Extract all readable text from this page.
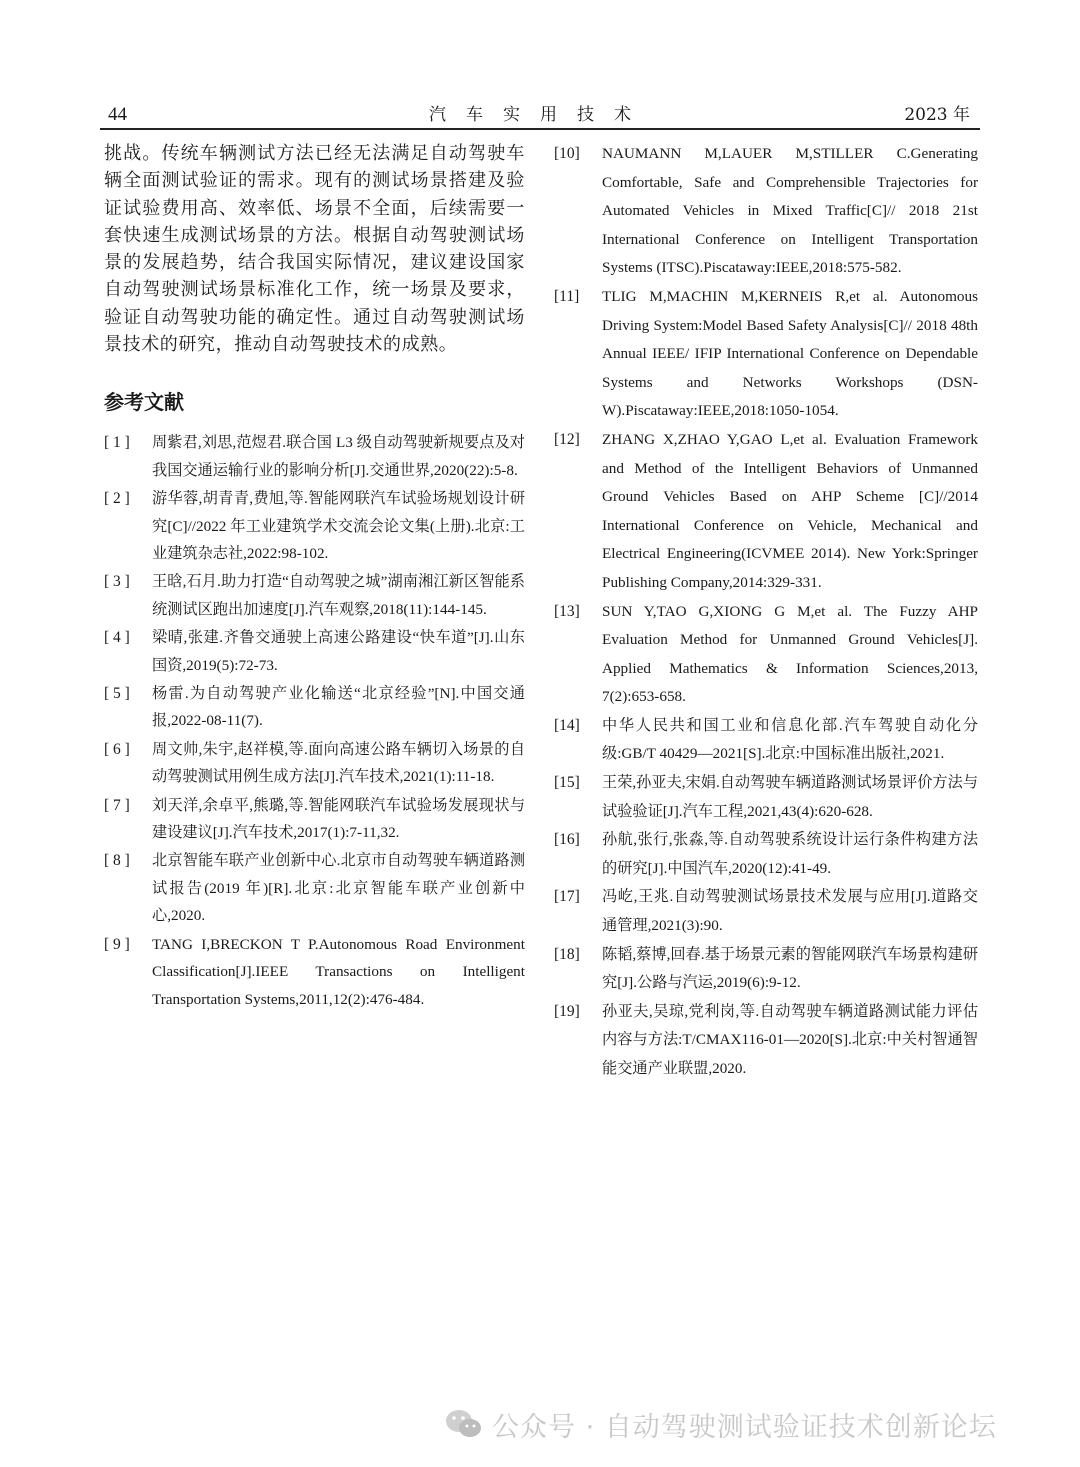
44	汽车实用技术	2023 年

挑战。传统车辆测试方法已经无法满足自动驾驶车辆全面测试验证的需求。现有的测试场景搭建及验证试验费用高、效率低、场景不全面，后续需要一套快速生成测试场景的方法。根据自动驾驶测试场景的发展趋势，结合我国实际情况，建议建设国家自动驾驶测试场景标准化工作，统一场景及要求，验证自动驾驶功能的确定性。通过自动驾驶测试场景技术的研究，推动自动驾驶技术的成熟。

参考文献
[ 1 ]	周紫君,刘思,范煜君.联合国 L3 级自动驾驶新规要点及对我国交通运输行业的影响分析[J].交通世界,2020(22):5-8.
[ 2 ]	游华蓉,胡青青,费旭,等.智能网联汽车试验场规划设计研究[C]//2022 年工业建筑学术交流会论文集(上册).北京:工业建筑杂志社,2022:98-102.
[ 3 ]	王晗,石月.助力打造“自动驾驶之城”湖南湘江新区智能系统测试区跑出加速度[J].汽车观察,2018(11):144-145.
[ 4 ]	梁晴,张建.齐鲁交通驶上高速公路建设“快车道”[J].山东国资,2019(5):72-73.
[ 5 ]	杨雷.为自动驾驶产业化输送“北京经验”[N].中国交通报,2022-08-11(7).
[ 6 ]	周文帅,朱宇,赵祥模,等.面向高速公路车辆切入场景的自动驾驶测试用例生成方法[J].汽车技术,2021(1):11-18.
[ 7 ]	刘天洋,余卓平,熊璐,等.智能网联汽车试验场发展现状与建设建议[J].汽车技术,2017(1):7-11,32.
[ 8 ]	北京智能车联产业创新中心.北京市自动驾驶车辆道路测试报告(2019 年)[R].北京:北京智能车联产业创新中心,2020.
[ 9 ]	TANG I,BRECKON T P.Autonomous Road Environment Classification[J].IEEE Transactions on Intelligent Transportation Systems,2011,12(2):476-484.
[10]	NAUMANN M,LAUER M,STILLER C.Generating Comfortable, Safe and Comprehensible Trajectories for Automated Vehicles in Mixed Traffic[C]// 2018 21st International Conference on Intelligent Transportation Systems (ITSC).Piscataway:IEEE,2018:575-582.
[11]	TLIG M,MACHIN M,KERNEIS R,et al. Autonomous Driving System:Model Based Safety Analysis[C]// 2018 48th Annual IEEE/ IFIP International Conference on Dependable Systems and Networks Workshops (DSN-W).Piscataway:IEEE,2018:1050-1054.
[12]	ZHANG X,ZHAO Y,GAO L,et al. Evaluation Framework and Method of the Intelligent Behaviors of Unmanned Ground Vehicles Based on AHP Scheme [C]//2014 International Conference on Vehicle, Mechanical and Electrical Engineering(ICVMEE 2014). New York:Springer Publishing Company,2014:329-331.
[13]	SUN Y,TAO G,XIONG G M,et al. The Fuzzy AHP Evaluation Method for Unmanned Ground Vehicles[J]. Applied Mathematics & Information Sciences,2013, 7(2):653-658.
[14]	中华人民共和国工业和信息化部.汽车驾驶自动化分级:GB/T 40429—2021[S].北京:中国标准出版社,2021.
[15]	王荣,孙亚夫,宋娟.自动驾驶车辆道路测试场景评价方法与试验验证[J].汽车工程,2021,43(4):620-628.
[16]	孙航,张行,张淼,等.自动驾驶系统设计运行条件构建方法的研究[J].中国汽车,2020(12):41-49.
[17]	冯屹,王兆.自动驾驶测试场景技术发展与应用[J].道路交通管理,2021(3):90.
[18]	陈韬,蔡博,回春.基于场景元素的智能网联汽车场景构建研究[J].公路与汽运,2019(6):9-12.
[19]	孙亚夫,吴琼,党利岗,等.自动驾驶车辆道路测试能力评估内容与方法:T/CMAX116-01—2020[S].北京:中关村智通智能交通产业联盟,2020.
公众号 · 自动驾驶测试验证技术创新论坛
